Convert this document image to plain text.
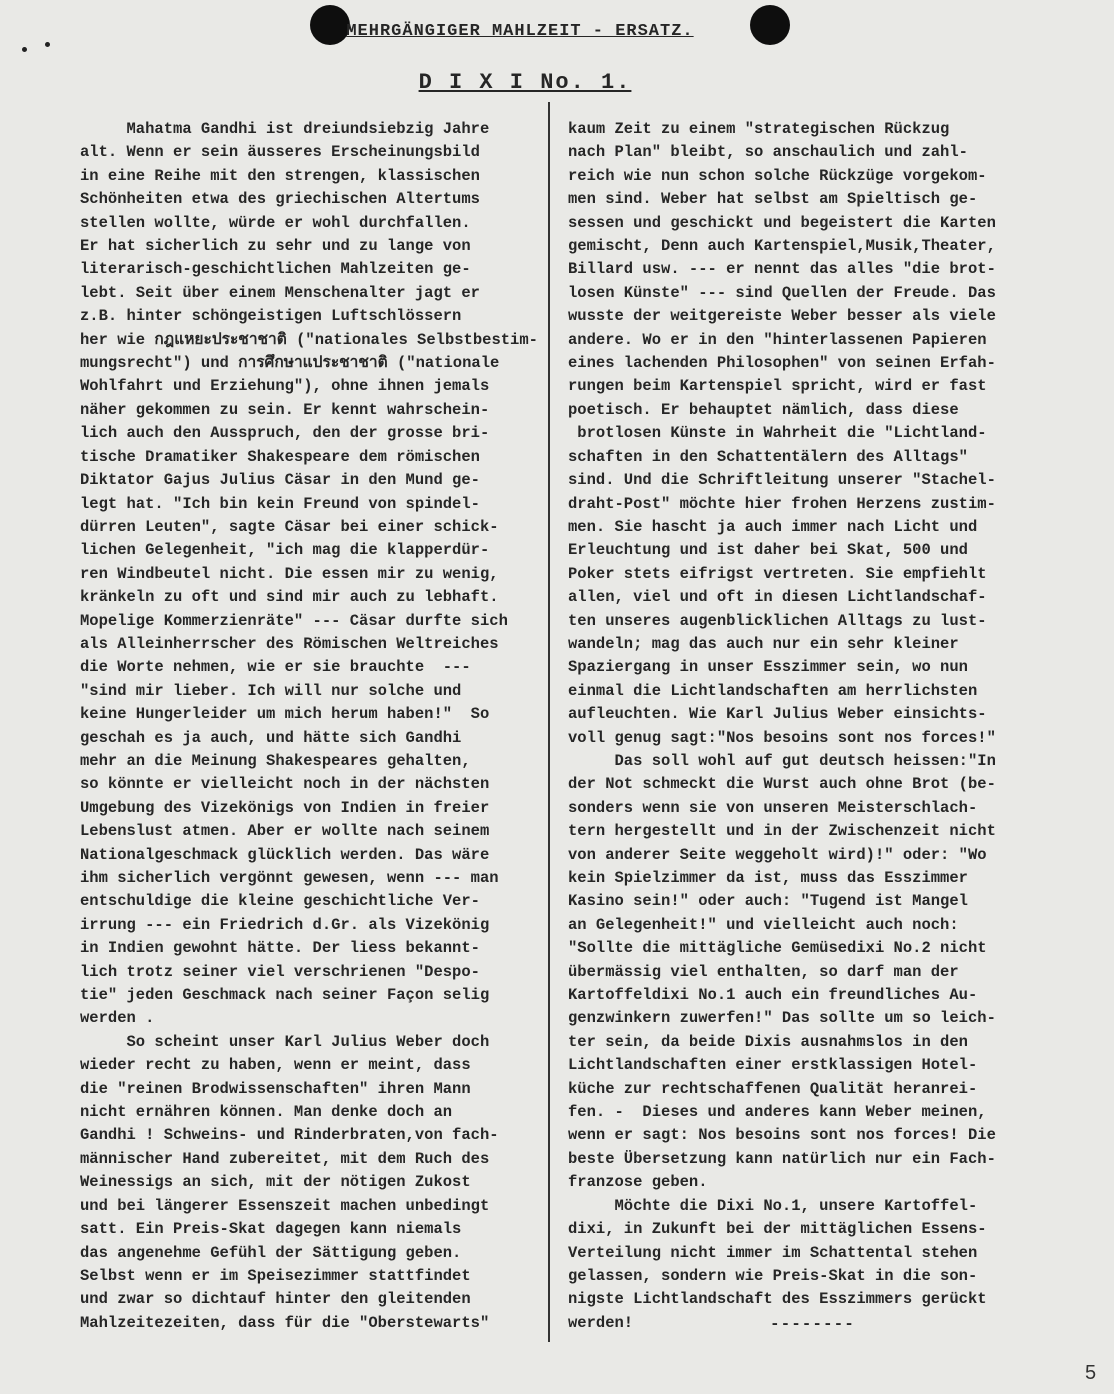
MEHRGÄNGIGER MAHLZEIT - ERSATZ.
D I X I No. 1.
Mahatma Gandhi ist dreiundsiebzig Jahre
alt. Wenn er sein äusseres Erscheinungsbild
in eine Reihe mit den strengen, klassischen
Schönheiten etwa des griechischen Altertums
stellen wollte, würde er wohl durchfallen.
Er hat sicherlich zu sehr und zu lange von
literarisch-geschichtlichen Mahlzeiten ge-
lebt. Seit über einem Menschenalter jagt er
z.B. hinter schöngeistigen Luftschlössern
her wie กฎแหยะประชาชาติ ("nationales Selbstbestim-
mungsrecht") und การศึกษาแประชาชาติ ("nationale
Wohlfahrt und Erziehung"), ohne ihnen jemals
näher gekommen zu sein. Er kennt wahrschein-
lich auch den Ausspruch, den der grosse bri-
tische Dramatiker Shakespeare dem römischen
Diktator Gajus Julius Cäsar in den Mund ge-
legt hat. "Ich bin kein Freund von spindel-
dürren Leuten", sagte Cäsar bei einer schick-
lichen Gelegenheit, "ich mag die klapperdür-
ren Windbeutel nicht. Die essen mir zu wenig,
kränkeln zu oft und sind mir auch zu lebhaft.
Mopelige Kommerzienräte" --- Cäsar durfte sich
als Alleinherrscher des Römischen Weltreiches
die Worte nehmen, wie er sie brauchte  ---
"sind mir lieber. Ich will nur solche und
keine Hungerleider um mich herum haben!"  So
geschah es ja auch, und hätte sich Gandhi
mehr an die Meinung Shakespeares gehalten,
so könnte er vielleicht noch in der nächsten
Umgebung des Vizekönigs von Indien in freier
Lebenslust atmen. Aber er wollte nach seinem
Nationalgeschmack glücklich werden. Das wäre
ihm sicherlich vergönnt gewesen, wenn --- man
entschuldige die kleine geschichtliche Ver-
irrung --- ein Friedrich d.Gr. als Vizekönig
in Indien gewohnt hätte. Der liess bekannt-
lich trotz seiner viel verschrienen "Despo-
tie" jeden Geschmack nach seiner Façon selig
werden .
So scheint unser Karl Julius Weber doch
wieder recht zu haben, wenn er meint, dass
die "reinen Brodwissenschaften" ihren Mann
nicht ernähren können. Man denke doch an
Gandhi ! Schweins- und Rinderbraten,von fach-
männischer Hand zubereitet, mit dem Ruch des
Weinessigs an sich, mit der nötigen Zukost
und bei längerer Essenszeit machen unbedingt
satt. Ein Preis-Skat dagegen kann niemals
das angenehme Gefühl der Sättigung geben.
Selbst wenn er im Speisezimmer stattfindet
und zwar so dichtauf hinter den gleitenden
Mahlzeitezeiten, dass für die "Oberstewarts"
kaum Zeit zu einem "strategischen Rückzug
nach Plan" bleibt, so anschaulich und zahl-
reich wie nun schon solche Rückzüge vorgekom-
men sind. Weber hat selbst am Spieltisch ge-
sessen und geschickt und begeistert die Karten
gemischt, Denn auch Kartenspiel,Musik,Theater,
Billard usw. --- er nennt das alles "die brot-
losen Künste" --- sind Quellen der Freude. Das
wusste der weitgereiste Weber besser als viele
andere. Wo er in den "hinterlassenen Papieren
eines lachenden Philosophen" von seinen Erfah-
rungen beim Kartenspiel spricht, wird er fast
poetisch. Er behauptet nämlich, dass diese
brotlosen Künste in Wahrheit die "Lichtland-
schaften in den Schattentälern des Alltags"
sind. Und die Schriftleitung unserer "Stachel-
draht-Post" möchte hier frohen Herzens zustim-
men. Sie hascht ja auch immer nach Licht und
Erleuchtung und ist daher bei Skat, 500 und
Poker stets eifrigst vertreten. Sie empfiehlt
allen, viel und oft in diesen Lichtlandschaf-
ten unseres augenblicklichen Alltags zu lust-
wandeln; mag das auch nur ein sehr kleiner
Spaziergang in unser Esszimmer sein, wo nun
einmal die Lichtlandschaften am herrlichsten
aufleuchten. Wie Karl Julius Weber einsichts-
voll genug sagt:"Nos besoins sont nos forces!"
Das soll wohl auf gut deutsch heissen:"In
der Not schmeckt die Wurst auch ohne Brot (be-
sonders wenn sie von unseren Meisterschlach-
tern hergestellt und in der Zwischenzeit nicht
von anderer Seite weggeholt wird)!" oder: "Wo
kein Spielzimmer da ist, muss das Esszimmer
Kasino sein!" oder auch: "Tugend ist Mangel
an Gelegenheit!" und vielleicht auch noch:
"Sollte die mittägliche Gemüsedixi No.2 nicht
übermässig viel enthalten, so darf man der
Kartoffeldixi No.1 auch ein freundliches Au-
genzwinkern zuwerfen!" Das sollte um so leich-
ter sein, da beide Dixis ausnahmslos in den
Lichtlandschaften einer erstklassigen Hotel-
küche zur rechtschaffenen Qualität heranrei-
fen. -  Dieses und anderes kann Weber meinen,
wenn er sagt: Nos besoins sont nos forces! Die
beste Übersetzung kann natürlich nur ein Fach-
franzose geben.
Möchte die Dixi No.1, unsere Kartoffel-
dixi, in Zukunft bei der mittäglichen Essens-
Verteilung nicht immer im Schattental stehen
gelassen, sondern wie Preis-Skat in die son-
nigste Lichtlandschaft des Esszimmers gerückt
werden!	--------
5
